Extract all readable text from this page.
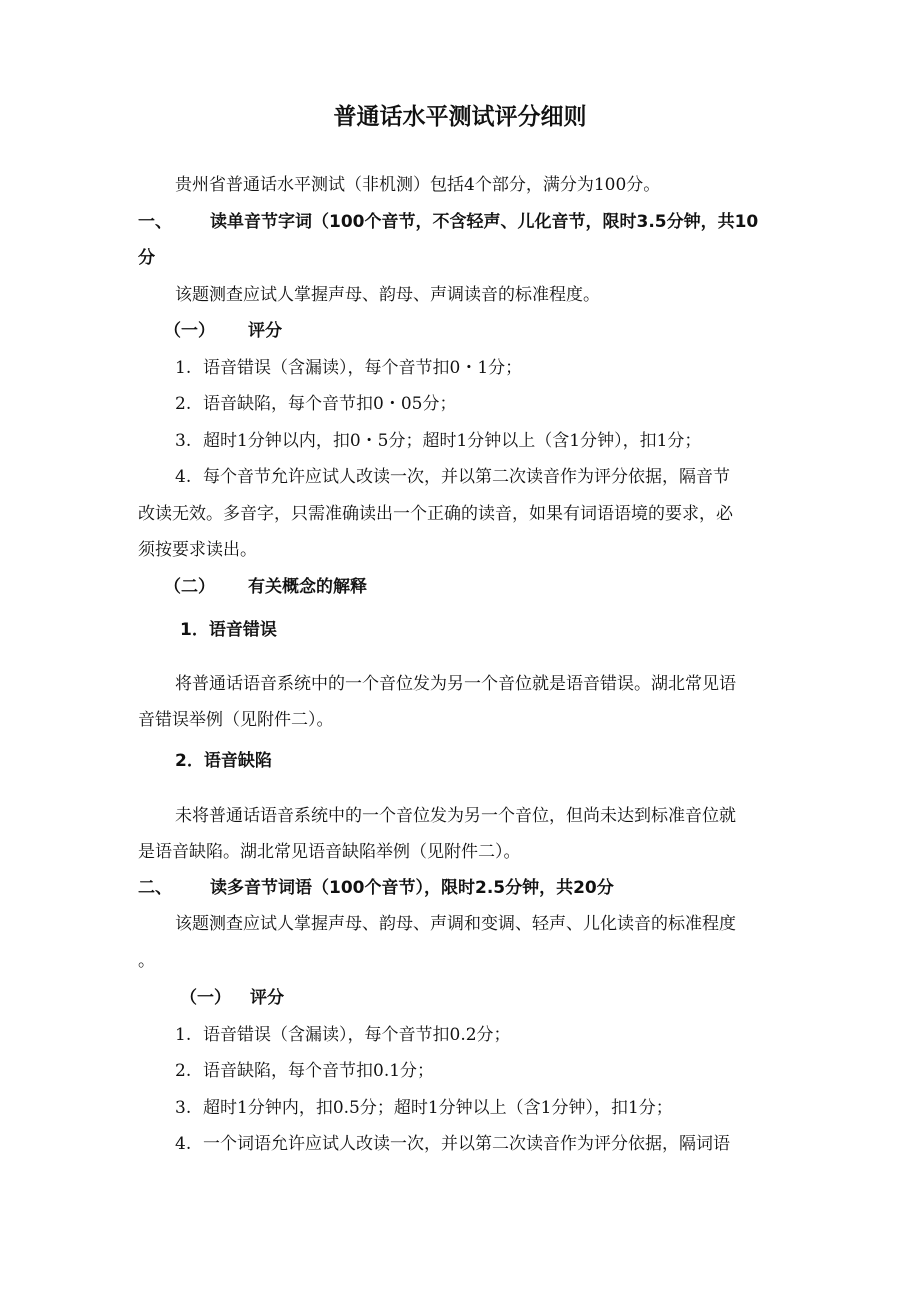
普通话水平测试评分细则
贵州省普通话水平测试（非机测）包括4个部分，满分为100分。
一、 读单音节字词（100个音节，不含轻声、儿化音节，限时3.5分钟，共10
分
该题测查应试人掌握声母、韵母、声调读音的标准程度。
（一） 评分
1. 语音错误（含漏读），每个音节扣0・1分；
2. 语音缺陷，每个音节扣0・05分；
3. 超时1分钟以内，扣0・5分；超时1分钟以上（含1分钟），扣1分；
4. 每个音节允许应试人改读一次，并以第二次读音作为评分依据，隔音节
改读无效。多音字，只需准确读出一个正确的读音，如果有词语语境的要求，必
须按要求读出。
（二） 有关概念的解释
1．语音错误
将普通话语音系统中的一个音位发为另一个音位就是语音错误。湖北常见语
音错误举例（见附件二）。
2．语音缺陷
未将普通话语音系统中的一个音位发为另一个音位，但尚未达到标准音位就
是语音缺陷。湖北常见语音缺陷举例（见附件二）。
二、 读多音节词语（100个音节），限时2.5分钟，共20分
该题测查应试人掌握声母、韵母、声调和变调、轻声、儿化读音的标准程度
。
（一） 评分
1. 语音错误（含漏读），每个音节扣0.2分；
2. 语音缺陷，每个音节扣0.1分；
3. 超时1分钟内，扣0.5分；超时1分钟以上（含1分钟），扣1分；
4. 一个词语允许应试人改读一次，并以第二次读音作为评分依据，隔词语
